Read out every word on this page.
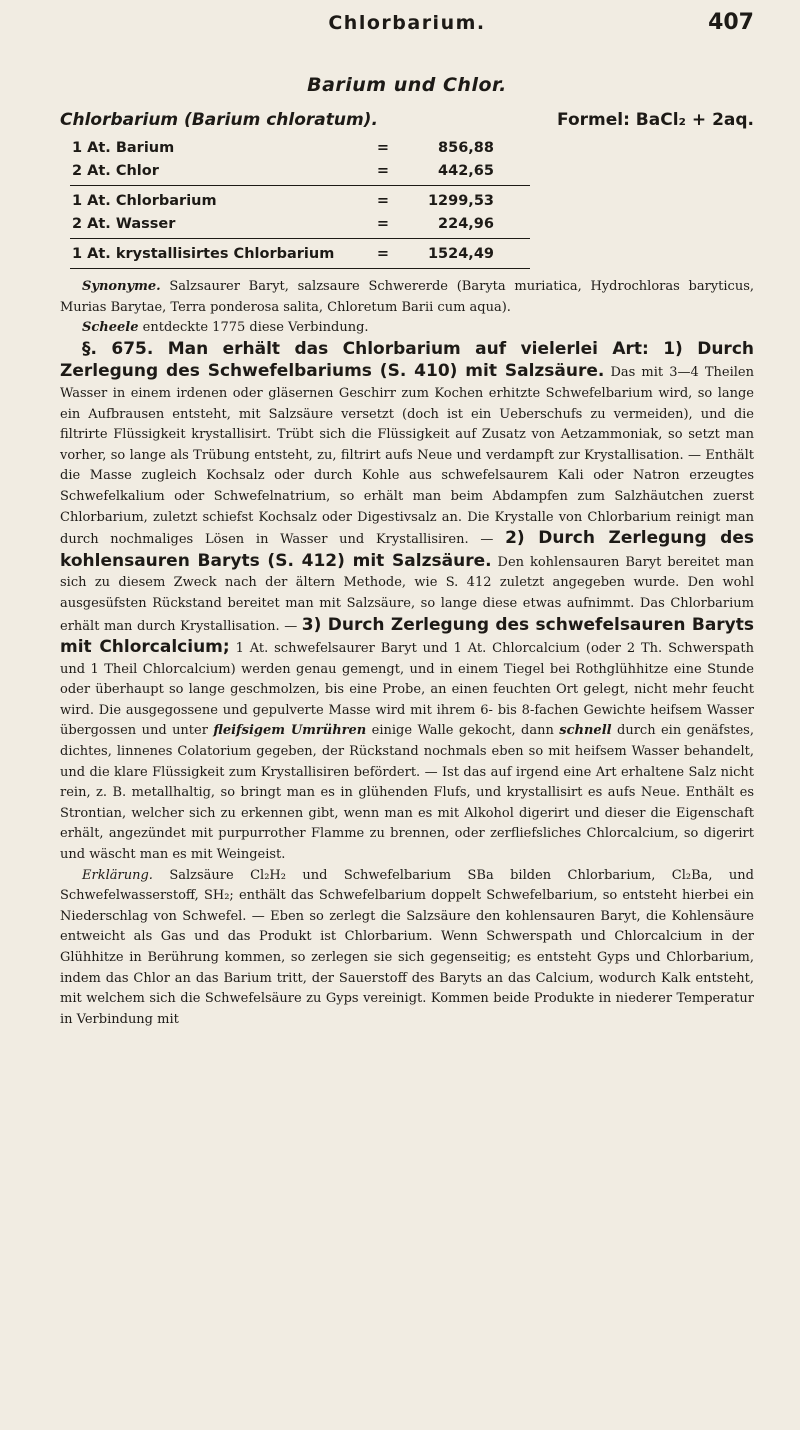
Chlorbarium.	407
Barium und Chlor.
Chlorbarium (Barium chloratum).	Formel: BaCl₂ + 2aq.
1 At. Barium	=	856,88
2 At. Chlor	=	442,65
1 At. Chlorbarium	=	1299,53
2 At. Wasser	=	224,96
1 At. krystallisirtes Chlorbarium	=	1524,49

Synonyme. Salzsaurer Baryt, salzsaure Schwererde (Baryta muriatica, Hydrochloras baryticus, Murias Barytae, Terra ponderosa salita, Chloretum Barii cum aqua).

Scheele entdeckte 1775 diese Verbindung.

§. 675. Man erhält das Chlorbarium auf vielerlei Art: 1) Durch Zerlegung des Schwefelbariums (S. 410) mit Salzsäure. Das mit 3—4 Theilen Wasser in einem irdenen oder gläsernen Geschirr zum Kochen erhitzte Schwefelbarium wird, so lange ein Aufbrausen entsteht, mit Salzsäure versetzt (doch ist ein Ueberschufs zu vermeiden), und die filtrirte Flüssigkeit krystallisirt. Trübt sich die Flüssigkeit auf Zusatz von Aetzammoniak, so setzt man vorher, so lange als Trübung entsteht, zu, filtrirt aufs Neue und verdampft zur Krystallisation. — Enthält die Masse zugleich Kochsalz oder durch Kohle aus schwefelsaurem Kali oder Natron erzeugtes Schwefelkalium oder Schwefelnatrium, so erhält man beim Abdampfen zum Salzhäutchen zuerst Chlorbarium, zuletzt schiefst Kochsalz oder Digestivsalz an. Die Krystalle von Chlorbarium reinigt man durch nochmaliges Lösen in Wasser und Krystallisiren. — 2) Durch Zerlegung des kohlensauren Baryts (S. 412) mit Salzsäure. Den kohlensauren Baryt bereitet man sich zu diesem Zweck nach der ältern Methode, wie S. 412 zuletzt angegeben wurde. Den wohl ausgesüfsten Rückstand bereitet man mit Salzsäure, so lange diese etwas aufnimmt. Das Chlorbarium erhält man durch Krystallisation. — 3) Durch Zerlegung des schwefelsauren Baryts mit Chlorcalcium; 1 At. schwefelsaurer Baryt und 1 At. Chlorcalcium (oder 2 Th. Schwerspath und 1 Theil Chlorcalcium) werden genau gemengt, und in einem Tiegel bei Rothglühhitze eine Stunde oder überhaupt so lange geschmolzen, bis eine Probe, an einen feuchten Ort gelegt, nicht mehr feucht wird. Die ausgegossene und gepulverte Masse wird mit ihrem 6- bis 8-fachen Gewichte heifsem Wasser übergossen und unter fleifsigem Umrühren einige Walle gekocht, dann schnell durch ein genäfstes, dichtes, linnenes Colatorium gegeben, der Rückstand nochmals eben so mit heifsem Wasser behandelt, und die klare Flüssigkeit zum Krystallisiren befördert. — Ist das auf irgend eine Art erhaltene Salz nicht rein, z. B. metallhaltig, so bringt man es in glühenden Flufs, und krystallisirt es aufs Neue. Enthält es Strontian, welcher sich zu erkennen gibt, wenn man es mit Alkohol digerirt und dieser die Eigenschaft erhält, angezündet mit purpurrother Flamme zu brennen, oder zerfliefsliches Chlorcalcium, so digerirt und wäscht man es mit Weingeist.

Erklärung. Salzsäure Cl₂H₂ und Schwefelbarium SBa bilden Chlorbarium, Cl₂Ba, und Schwefelwasserstoff, SH₂; enthält das Schwefelbarium doppelt Schwefelbarium, so entsteht hierbei ein Niederschlag von Schwefel. — Eben so zerlegt die Salzsäure den kohlensauren Baryt, die Kohlensäure entweicht als Gas und das Produkt ist Chlorbarium. Wenn Schwerspath und Chlorcalcium in der Glühhitze in Berührung kommen, so zerlegen sie sich gegenseitig; es entsteht Gyps und Chlorbarium, indem das Chlor an das Barium tritt, der Sauerstoff des Baryts an das Calcium, wodurch Kalk entsteht, mit welchem sich die Schwefelsäure zu Gyps vereinigt. Kommen beide Produkte in niederer Temperatur in Verbindung mit
